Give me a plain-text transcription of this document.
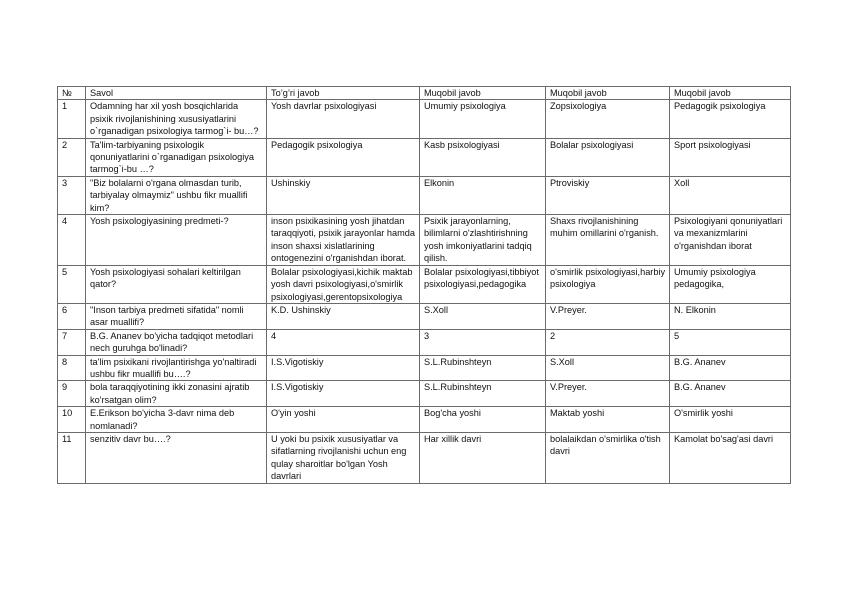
№	Savol	To’g’ri javob	Muqobil javob	Muqobil javob	Muqobil javob
1	Odamning har xil yosh bosqichlarida psixik rivojlanishining xususiyatlarini o`rganadigan psixologiya tarmog`i- bu…?	Yosh davrlar psixologiyasi	Umumiy psixologiya	Zopsixologiya	Pedagogik psixologiya
2	Ta'lim-tarbiyaning psixologik qonuniyatlarini o`rganadigan psixologiya tarmog`i-bu …?	Pedagogik psixologiya	Kasb psixologiyasi	Bolalar psixologiyasi	Sport psixologiyasi
3	"Biz bolalarni o'rgana olmasdan turib, tarbiyalay olmaymiz" ushbu fikr muallifi kim?	Ushinskiy	Elkonin	Ptroviskiy	Xoll
4	Yosh psixologiyasining predmeti-?	inson psixikasining yosh jihatdan taraqqiyoti, psixik jarayonlar hamda inson shaxsi xislatlarining ontogenezini o'rganishdan iborat.	Psixik jarayonlarning, bilimlarni o'zlashtirishning yosh imkoniyatlarini tadqiq qilish.	Shaxs rivojlanishining muhim omillarini o'rganish.	Psixologiyani qonuniyatlari va mexanizmlarini o'rganishdan iborat
5	Yosh psixologiyasi sohalari keltirilgan qator?	Bolalar psixologiyasi,kichik maktab yosh davri psixologiyasi,o'smirlik psixologiyasi,gerentopsixologiya	Bolalar psixologiyasi,tibbiyot psixologiyasi,pedagogika	o'smirlik psixologiyasi,harbiy psixologiya	Umumiy psixologiya pedagogika,
6	"Inson tarbiya predmeti sifatida" nomli asar muallifi?	K.D. Ushinskiy	S.Xoll	V.Preyer.	N. Elkonin
7	B.G. Ananev bo'yicha tadqiqot metodlari nech guruhga bo'linadi?	4	3	2	5
8	ta'lim psixikani rivojlantirishga yo'naltiradi ushbu fikr muallifi bu….?	I.S.Vigotiskiy	S.L.Rubinshteyn	S.Xoll	B.G. Ananev
9	bola taraqqiyotining ikki zonasini ajratib ko'rsatgan olim?	I.S.Vigotiskiy	S.L.Rubinshteyn	V.Preyer.	B.G. Ananev
10	E.Erikson bo'yicha 3-davr nima deb nomlanadi?	O'yin yoshi	Bog'cha yoshi	Maktab yoshi	O'smirlik yoshi
11	senzitiv davr bu….?	U yoki bu psixik xususiyatlar va sifatlarning rivojlanishi uchun eng qulay sharoitlar bo'lgan Yosh davrlari	Har xillik davri	bolalaikdan o'smirlika o'tish davri	Kamolat bo'sag'asi davri
